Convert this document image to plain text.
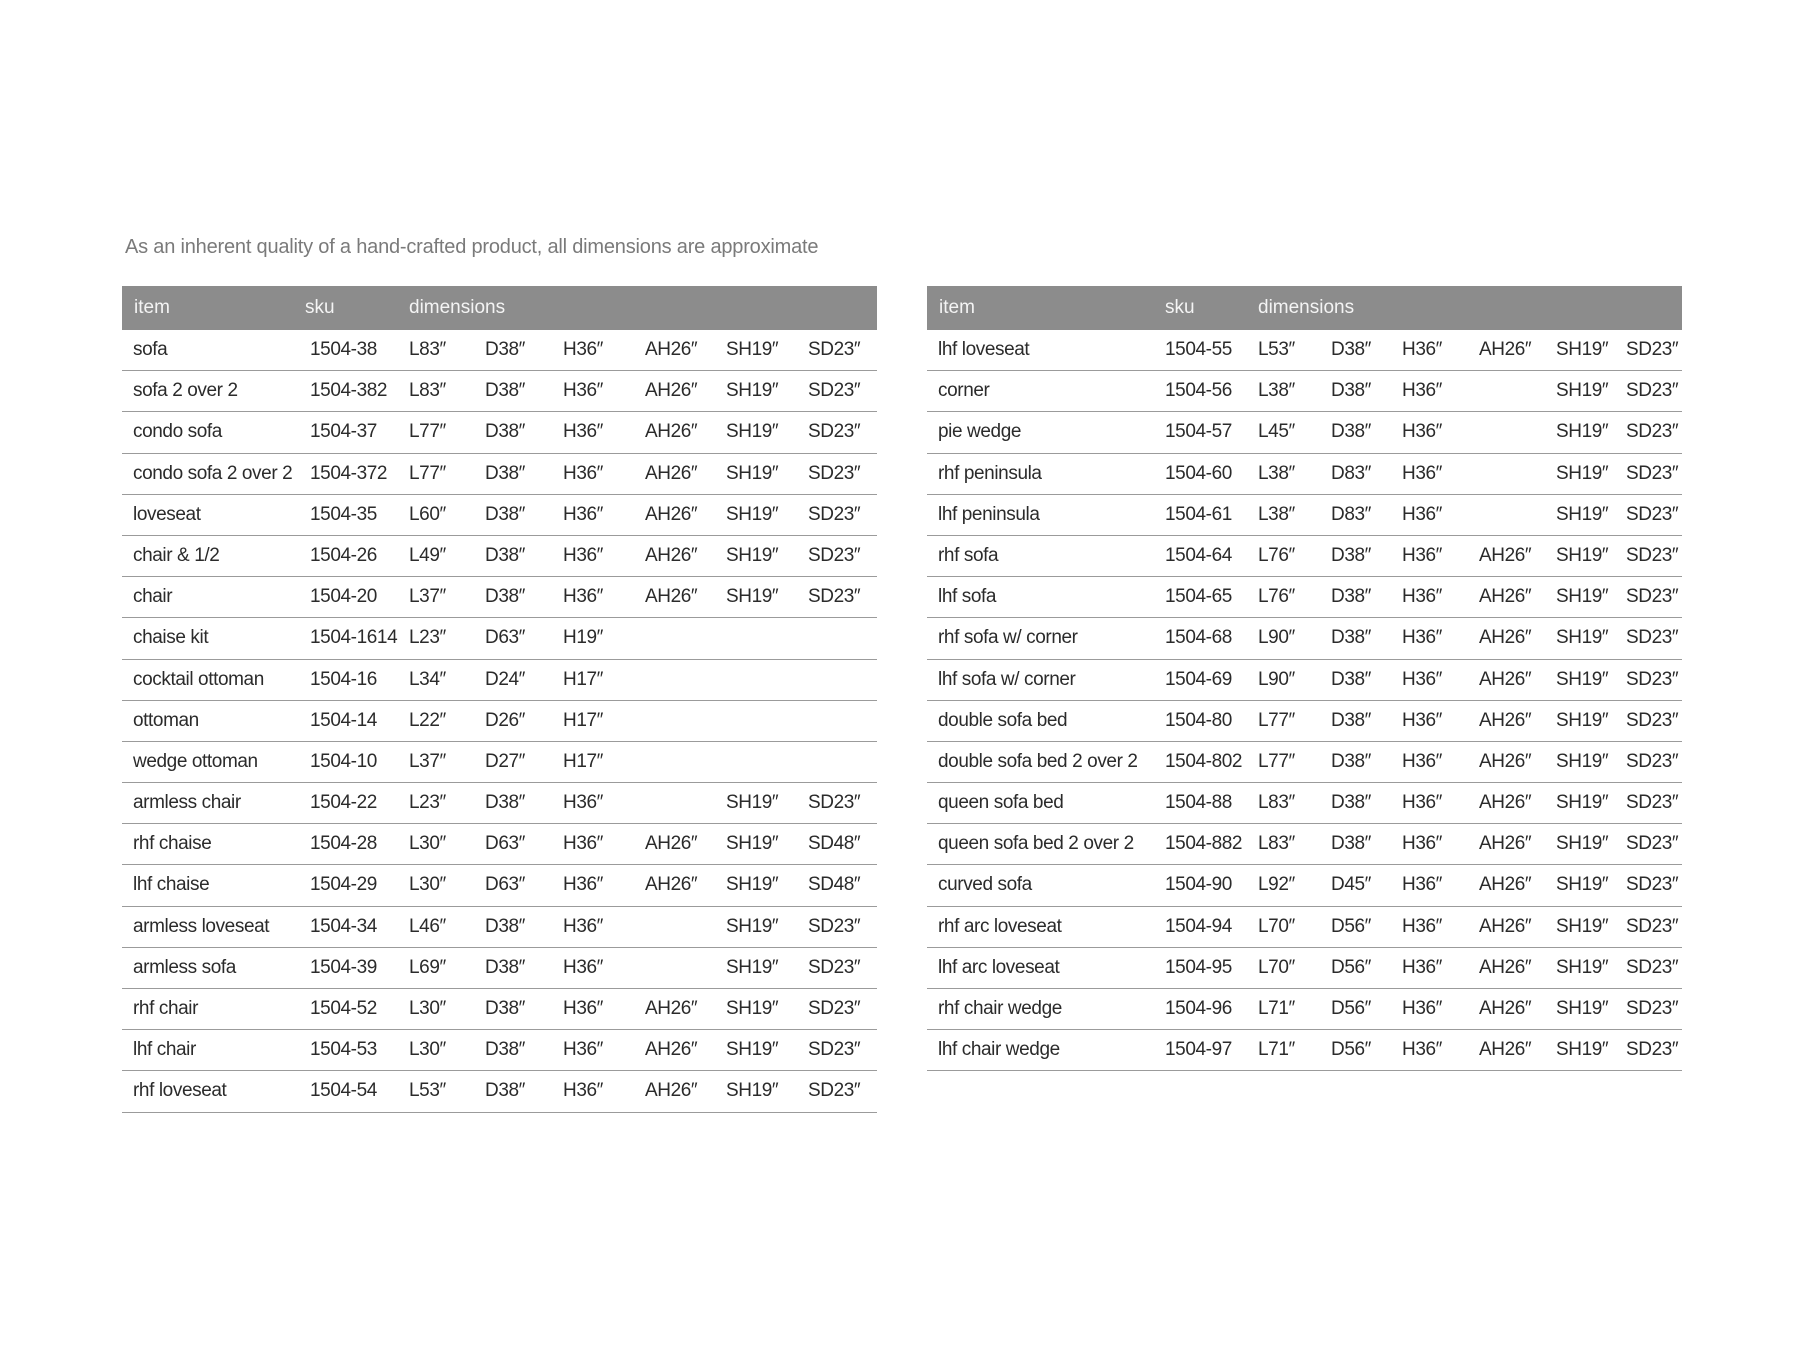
As an inherent quality of a hand-crafted product, all dimensions are approximate
item	sku	dimensions
sofa	1504-38 L83″ D38″ H36″ AH26″ SH19″ SD23″
sofa 2 over 2	1504-382 L83″ D38″ H36″ AH26″ SH19″ SD23″
condo sofa	1504-37 L77″ D38″ H36″ AH26″ SH19″ SD23″
condo sofa 2 over 2 1504-372 L77″ D38″ H36″ AH26″ SH19″ SD23″
loveseat	1504-35 L60″ D38″ H36″ AH26″ SH19″ SD23″
chair & 1/2	1504-26 L49″ D38″ H36″ AH26″ SH19″ SD23″
chair	1504-20 L37″ D38″ H36″ AH26″ SH19″ SD23″
chaise kit	1504-1614 L23″ D63″ H19″
cocktail ottoman 1504-16 L34″ D24″ H17″
ottoman	1504-14 L22″ D26″ H17″
wedge ottoman	1504-10 L37″ D27″ H17″
armless chair	1504-22 L23″ D38″ H36″	SH19″ SD23″
rhf chaise	1504-28 L30″ D63″ H36″ AH26″ SH19″ SD48″
lhf chaise	1504-29 L30″ D63″ H36″ AH26″ SH19″ SD48″
armless loveseat 1504-34 L46″ D38″ H36″	SH19″ SD23″
armless sofa	1504-39 L69″ D38″ H36″	SH19″ SD23″
rhf chair	1504-52 L30″ D38″ H36″ AH26″ SH19″ SD23″
lhf chair	1504-53 L30″ D38″ H36″ AH26″ SH19″ SD23″
rhf loveseat	1504-54 L53″ D38″ H36″ AH26″ SH19″ SD23″
item	sku	dimensions
lhf loveseat	1504-55 L53″ D38″ H36″ AH26″ SH19″ SD23″
corner	1504-56 L38″ D38″ H36″	SH19″ SD23″
pie wedge	1504-57 L45″ D38″ H36″	SH19″ SD23″
rhf peninsula	1504-60 L38″ D83″ H36″	SH19″ SD23″
lhf peninsula	1504-61 L38″ D83″ H36″	SH19″ SD23″
rhf sofa	1504-64 L76″ D38″ H36″ AH26″ SH19″ SD23″
lhf sofa	1504-65 L76″ D38″ H36″ AH26″ SH19″ SD23″
rhf sofa w/ corner	1504-68 L90″ D38″ H36″ AH26″ SH19″ SD23″
lhf sofa w/ corner	1504-69 L90″ D38″ H36″ AH26″ SH19″ SD23″
double sofa bed	1504-80 L77″ D38″ H36″ AH26″ SH19″ SD23″
double sofa bed 2 over 2 1504-802 L77″ D38″ H36″ AH26″ SH19″ SD23″
queen sofa bed	1504-88 L83″ D38″ H36″ AH26″ SH19″ SD23″
queen sofa bed 2 over 2 1504-882 L83″ D38″ H36″ AH26″ SH19″ SD23″
curved sofa	1504-90 L92″ D45″ H36″ AH26″ SH19″ SD23″
rhf arc loveseat	1504-94 L70″ D56″ H36″ AH26″ SH19″ SD23″
lhf arc loveseat	1504-95 L70″ D56″ H36″ AH26″ SH19″ SD23″
rhf chair wedge	1504-96 L71″ D56″ H36″ AH26″ SH19″ SD23″
lhf chair wedge	1504-97 L71″ D56″ H36″ AH26″ SH19″ SD23″
